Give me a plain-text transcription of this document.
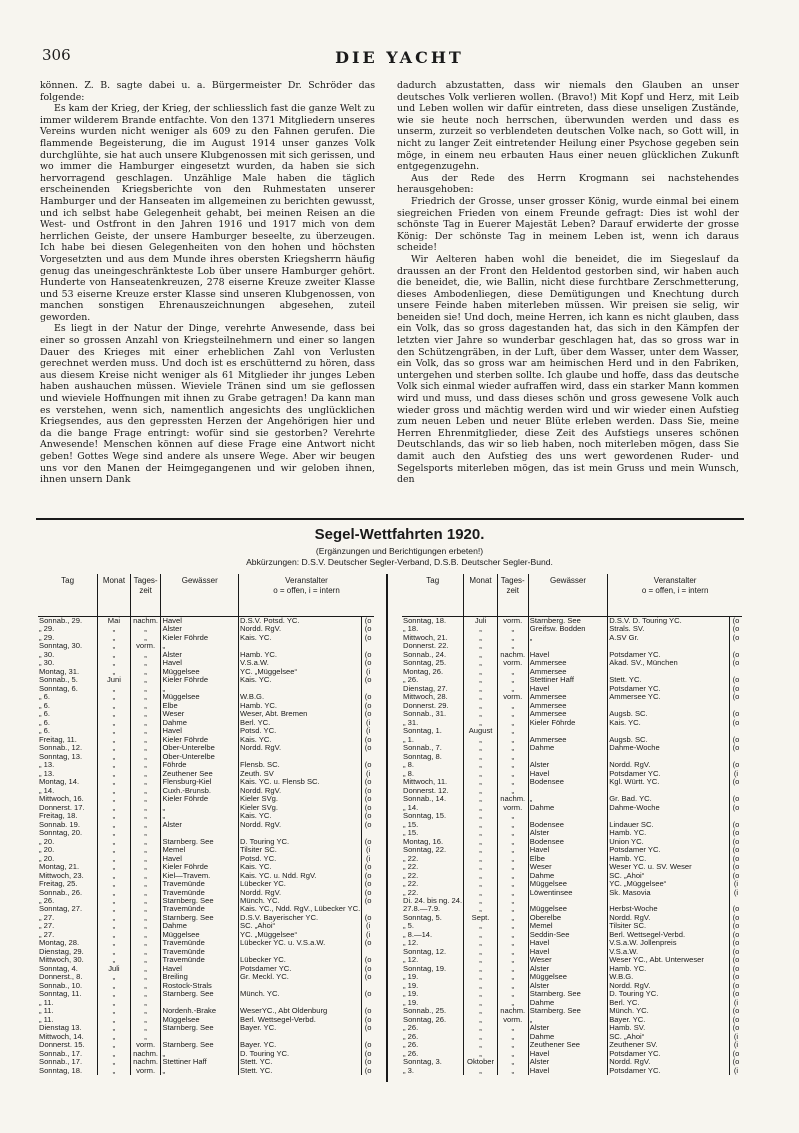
306	DIE YACHT

können. Z. B. sagte dabei u. a. Bürgermeister Dr. Schröder das folgende:

Es kam der Krieg, der Krieg, der schliesslich fast die ganze Welt zu immer wilderem Brande entfachte. Von den 1371 Mitgliedern unseres Vereins wurden nicht weniger als 609 zu den Fahnen gerufen. Die flammende Begeisterung, die im August 1914 unser ganzes Volk durchglühte, sie hat auch unsere Klubgenossen mit sich gerissen, und wo immer die Hamburger eingesetzt wurden, da haben sie sich hervorragend geschlagen. Unzählige Male haben die täglich erscheinenden Kriegsberichte von den Ruhmestaten unserer Hamburger und der Hanseaten im allgemeinen zu berichten gewusst, und ich selbst habe Gelegenheit gehabt, bei meinen Reisen an die West- und Ostfront in den Jahren 1916 und 1917 mich von dem herrlichen Geiste, der unsere Hamburger beseelte, zu überzeugen. Ich habe bei diesen Gelegenheiten von den hohen und höchsten Vorgesetzten und aus dem Munde ihres obersten Kriegsherrn häufig genug das uneingeschränkteste Lob über unsere Hamburger gehört. Hunderte von Hanseatenkreuzen, 278 eiserne Kreuze zweiter Klasse und 53 eiserne Kreuze erster Klasse sind unseren Klubgenossen, von manchen sonstigen Ehrenauszeichnungen abgesehen, zuteil geworden.

Es liegt in der Natur der Dinge, verehrte Anwesende, dass bei einer so grossen Anzahl von Kriegsteilnehmern und einer so langen Dauer des Krieges mit einer erheblichen Zahl von Verlusten gerechnet werden muss. Und doch ist es erschütternd zu hören, dass aus diesem Kreise nicht weniger als 61 Mitglieder ihr junges Leben haben aushauchen müssen. Wieviele Tränen sind um sie geflossen und wieviele Hoffnungen mit ihnen zu Grabe getragen! Da kann man es verstehen, wenn sich, namentlich angesichts des unglücklichen Kriegsendes, aus den gepressten Herzen der Angehörigen hier und da die bange Frage entringt: wofür sind sie gestorben? Verehrte Anwesende! Menschen können auf diese Frage eine Antwort nicht geben! Gottes Wege sind andere als unsere Wege. Aber wir beugen uns vor den Manen der Heimgegangenen und wir geloben ihnen, ihnen unsern Dank

dadurch abzustatten, dass wir niemals den Glauben an unser deutsches Volk verlieren wollen. (Bravo!) Mit Kopf und Herz, mit Leib und Leben wollen wir dafür eintreten, dass diese unseligen Zustände, wie sie heute noch herrschen, überwunden werden und dass es unserm, zurzeit so verblendeten deutschen Volke nach, so Gott will, in nicht zu langer Zeit eintretender Heilung einer Psychose gegeben sein möge, in einem neu erbauten Haus einer neuen glücklichen Zukunft entgegenzugehn.

Aus der Rede des Herrn Krogmann sei nachstehendes herausgehoben:

Friedrich der Grosse, unser grosser König, wurde einmal bei einem siegreichen Frieden von einem Freunde gefragt: Dies ist wohl der schönste Tag in Euerer Majestät Leben? Darauf erwiderte der grosse König: Der schönste Tag in meinem Leben ist, wenn ich daraus scheide!

Wir Aelteren haben wohl die beneidet, die im Siegeslauf da draussen an der Front den Heldentod gestorben sind, wir haben auch die beneidet, die, wie Ballin, nicht diese furchtbare Zerschmetterung, dieses Ambodenliegen, diese Demütigungen und Knechtung durch unsere Feinde haben miterleben müssen. Wir preisen sie selig, wir beneiden sie! Und doch, meine Herren, ich kann es nicht glauben, dass ein Volk, das so gross dagestanden hat, das sich in den Kämpfen der letzten vier Jahre so wunderbar geschlagen hat, das so gross war in den Schützengräben, in der Luft, über dem Wasser, unter dem Wasser, ein Volk, das so gross war am heimischen Herd und in den Fabriken, untergehen und sterben sollte. Ich glaube und hoffe, dass das deutsche Volk sich einmal wieder aufraffen wird, dass ein starker Mann kommen wird und muss, und dass dieses schön und gross gewesene Volk auch wieder gross und mächtig werden wird und wir wieder einen Aufstieg zum neuen Leben und neuer Blüte erleben werden. Dass Sie, meine Herren Ehrenmitglieder, diese Zeit des Aufstiegs unseres schönen Deutschlands, das wir so lieb haben, noch miterleben mögen, dass Sie damit auch den Aufstieg des uns wert gewordenen Ruder- und Segelsports miterleben mögen, das ist mein Gruss und mein Wunsch, den

Segel-Wettfahrten 1920.
(Ergänzungen und Berichtigungen erbeten!)
Abkürzungen: D.S.V. Deutscher Segler-Verband, D.S.B. Deutscher Segler-Bund.
Tag	Monat	Tages-zeit	Gewässer	Veranstalter
o = offen, i = intern	

Sonnab., 29.	Mai	nachm.	Havel	D.S.V. Potsd. YC.	(o
„ 29.	„	„	Alster	Nordd. RgV.	(o
„ 29.	„	„	Kieler Föhrde	Kais. YC.	(o
Sonntag, 30.	„	vorm.	„		
„ 30.	„	„	Alster	Hamb. YC.	(o
„ 30.	„	„	Havel	V.S.a.W.	(o
Montag, 31.	„	„	Müggelsee	YC. „Müggelsee“	(i
Sonnab., 5.	Juni	„	Kieler Föhrde	Kais. YC.	(o
Sonntag, 6.	„	„	„		
„ 6.	„	„	Müggelsee	W.B.G.	(o
„ 6.	„	„	Elbe	Hamb. YC.	(o
„ 6.	„	„	Weser	Weser, Abt. Bremen	(o
„ 6.	„	„	Dahme	Berl. YC.	(i
„ 6.	„	„	Havel	Potsd. YC.	(i
Freitag, 11.	„	„	Kieler Föhrde	Kais. YC.	(o
Sonnab., 12.	„	„	Ober-Unterelbe	Nordd. RgV.	(o
Sonntag, 13.	„	„	Ober-Unterelbe		
„ 13.	„	„	Föhrde	Flensb. SC.	(o
„ 13.	„	„	Zeuthener See	Zeuth. SV	(i
Montag, 14.	„	„	Flensburg-Kiel	Kais. YC. u. Flensb SC.	(o
„ 14.	„	„	Cuxh.-Brunsb.	Nordd. RgV.	(o
Mittwoch, 16.	„	„	Kieler Föhrde	Kieler SVg.	(o
Donnerst. 17.	„	„	„	Kieler SVg.	(o
Freitag, 18.	„	„	„	Kais. YC.	(o
Sonnab. 19.	„	„	Alster	Nordd. RgV.	(o
Sonntag, 20.	„	„			
„ 20.	„	„	Starnberg. See	D. Touring YC.	(o
„ 20.	„	„	Memel	Tilsiter SC.	(i
„ 20.	„	„	Havel	Potsd. YC.	(i
Montag, 21.	„	„	Kieler Föhrde	Kais. YC.	(o
Mittwoch, 23.	„	„	Kiel—Travem.	Kais. YC. u. Ndd. RgV.	(o
Freitag, 25.	„	„	Travemünde	Lübecker YC.	(o
Sonnab., 26.	„	„	Travemünde	Nordd. RgV.	(o
„ 26.	„	„	Starnberg. See	Münch. YC.	(o
Sonntag, 27.	„	„	Travemünde	Kais. YC., Ndd. RgV., Lübecker YC.	
„ 27.	„	„	Starnberg. See	D.S.V. Bayerischer YC.	(o
„ 27.	„	„	Dahme	SC. „Ahoi“	(i
„ 27.	„	„	Müggelsee	YC. „Müggelsee“	(i
Montag, 28.	„	„	Travemünde	Lübecker YC. u. V.S.a.W.	(o
Dienstag, 29.	„	„	Travemünde		
Mittwoch, 30.	„	„	Travemünde	Lübecker YC.	(o
Sonntag, 4.	Juli	„	Havel	Potsdamer YC.	(o
Donnerst., 8.	„	„	Breiling	Gr. Meckl. YC.	(o
Sonnab., 10.	„	„	Rostock-Strals		
Sonntag, 11.	„	„	Starnberg. See	Münch. YC.	(o
„ 11.	„	„			
„ 11.	„	„	Nordenh.-Brake	WeserYC., Abt Oldenburg	(o
„ 11.	„	„	Müggelsee	Berl. Wettsegel-Verbd.	(o
Dienstag 13.	„	„	Starnberg. See	Bayer. YC.	(o
Mittwoch, 14.	„	„			
Donnerst. 15.	„	vorm.	Starnberg. See	Bayer. YC.	(o
Sonnab., 17.	„	nachm.	„	D. Touring YC.	(o
Sonnab., 17.	„	nachm.	Stettiner Haff	Stett. YC.	(o
Sonntag, 18.	„	vorm.	„	Stett. YC.	(o
Tag	Monat	Tages-zeit	Gewässer	Veranstalter
o = offen, i = intern	

Sonntag, 18.	Juli	vorm.	Starnberg. See	D.S.V. D. Touring YC.	(o
„ 18.	„	„	Greifsw. Bodden	Strals. SV.	(o
Mittwoch, 21.	„	„	„	A.SV Gr.	(o
Donnerst. 22.	„	„			
Sonnab., 24.	„	nachm.	Havel	Potsdamer YC.	(o
Sonntag, 25.	„	vorm.	Ammersee	Akad. SV., München	(o
Montag, 26.	„	„	Ammersee		
„ 26.	„	„	Stettiner Haff	Stett. YC.	(o
Dienstag, 27.	„	„	Havel	Potsdamer YC.	(o
Mittwoch, 28.	„	vorm.	Ammersee	Ammersee YC.	(o
Donnerst. 29.	„	„	Ammersee		
Sonnab., 31.	„	„	Ammersee	Augsb. SC.	(o
„ 31.	„	„	Kieler Föhrde	Kais. YC.	(o
Sonntag, 1.	August	„			
„ 1.	„	„	Ammersee	Augsb. SC.	(o
Sonnab., 7.	„	„	Dahme	Dahme-Woche	(o
Sonntag, 8.	„	„			
„ 8.	„	„	Alster	Nordd. RgV.	(o
„ 8.	„	„	Havel	Potsdamer YC.	(i
Mittwoch, 11.	„	„	Bodensee	Kgl. Württ. YC.	(o
Donnerst. 12.	„	„			
Sonnab., 14.	„	nachm.	„	Gr. Bad. YC.	(o
„ 14.	„	vorm.	Dahme	Dahme-Woche	(o
Sonntag, 15.	„	„			
„ 15.	„	„	Bodensee	Lindauer SC.	(o
„ 15.	„	„	Alster	Hamb. YC.	(o
Montag, 16.	„	„	Bodensee	Union YC.	(o
Sonntag, 22.	„	„	Havel	Potsdamer YC.	(o
„ 22.	„	„	Elbe	Hamb. YC.	(o
„ 22.	„	„	Weser	Weser YC. u. SV. Weser	(o
„ 22.	„	„	Dahme	SC. „Ahoi“	(o
„ 22.	„	„	Müggelsee	YC. „Müggelsee“	(i
„ 22.	„	„	Löwentinsee	Sk. Masovia	(i
Di. 24. bis ng. 24.	„	„			
27.8.—7.9.	„	„	Müggelsee	Herbst-Woche	(o
Sonntag, 5.	Sept.	„	Oberelbe	Nordd. RgV.	(o
„ 5.	„	„	Memel	Tilsiter SC.	(o
„ 8.—14.	„	„	Seddin-See	Berl. Wettsegel-Verbd.	(o
„ 12.	„	„	Havel	V.S.a.W. Jollenpreis	(o
Sonntag, 12.	„	„	Havel	V.S.a.W.	(o
„ 12.	„	„	Weser	Weser YC., Abt. Unterweser	(o
Sonntag, 19.	„	„	Alster	Hamb. YC.	(o
„ 19.	„	„	Müggelsee	W.B.G.	(o
„ 19.	„	„	Alster	Nordd. RgV.	(o
„ 19.	„	„	Starnberg. See	D. Touring YC.	(o
„ 19.	„	„	Dahme	Berl. YC.	(i
Sonnab., 25.	„	nachm.	Starnberg. See	Münch. YC.	(o
Sonntag, 26.	„	vorm.	„	Bayer. YC.	(o
„ 26.	„	„	Alster	Hamb. SV.	(o
„ 26.	„	„	Dahme	SC. „Ahoi“	(i
„ 26.	„	„	Zeuthener See	Zeuthener SV.	(i
„ 26.	„	„	Havel	Potsdamer YC.	(o
Sonntag, 3.	Oktober	„	Alster	Nordd. RgV.	(o
„ 3.	„	„	Havel	Potsdamer YC.	(i
